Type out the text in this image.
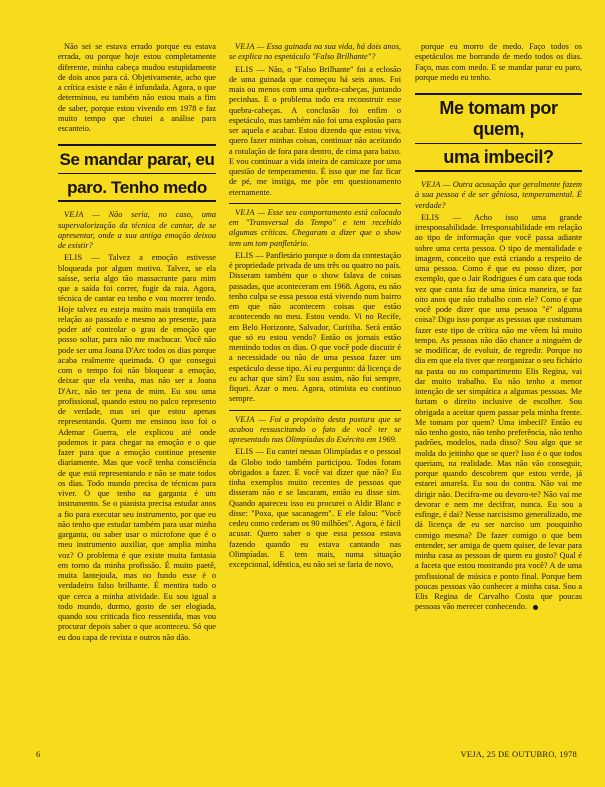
Não sei se estava errado porque eu estava errada, ou porque hoje estou completamente diferente, minha cabeça mudou estupidamente de dois anos para cá. Objetivamente, acho que a crítica existe e não é infundada. Agora, o que determinou, eu também não estou mais a fim de saber, porque estou vivendo em 1978 e faz muito tempo que chutei a análise para escanteio.

Se mandar parar, eu
paro. Tenho medo

VEJA — Não seria, no caso, uma supervalorização da técnica de cantar, de se apresentar, onde a sua antiga emoção deixou de existir?

ELIS — Talvez a emoção estivesse bloqueada por algum motivo. Talvez, se ela saísse, seria algo tão massacrante para mim que a saída foi correr, fugir da raia. Agora, técnica de cantar eu tenho e vou morrer tendo. Hoje talvez eu esteja muito mais tranqüila em relação ao passado e mesmo ao presente, para poder até controlar o grau de emoção que posso soltar, para não me machucar. Você não pode ser uma Joana D'Arc todos os dias porque acaba realmente queimada. O que consegui com o tempo foi não bloquear a emoção, deixar que ela venha, mas não ser a Joana D'Arc, não ter pena de mim. Eu sou uma profissional, quando estou no palco represento de verdade, mas sei que estou apenas representando. Quem me ensinou isso foi o Ademar Guerra, ele explicou até onde podemos ir para chegar na emoção e o que fazer para que a emoção continue presente diariamente. Mas que você tenha consciência de que está representando e não se mate todos os dias. Todo mundo precisa de técnicas para viver. O que tenho na garganta é um instrumento. Se o pianista precisa estudar anos a fio para executar seu instrumento, por que eu não tenho que estudar também para usar minha garganta, ou saber usar o microfone que é o meu instrumento auxiliar, que amplia minha voz? O problema é que existe muita fantasia em torno da minha profissão. É muito paetê, muita lantejoula, mas no fundo esse é o verdadeiro falso brilhante. É mentira tudo o que cerca a minha atividade. Eu sou igual a todo mundo, durmo, gosto de ser elogiada, quando sou criticada fico ressentida, mas vou procurar depois saber o que aconteceu. Só que eu dou capa de revista e outros não dão.

VEJA — Essa guinada na sua vida, há dois anos, se explica no espetáculo "Falso Brilhante"?

ELIS — Não, o "Falso Brilhante" foi a eclosão de uma guinada que começou há seis anos. Foi mais ou menos com uma quebra-cabeças, juntando pecinhas. E o problema todo era reconstruir esse quebra-cabeças. A conclusão foi enfim o espetáculo, mas também não foi uma explosão para ser aquela e acabar. Estou dizendo que estou viva, quero fazer minhas coisas, continuar não aceitando a rotulação de fora para dentro, de cima para baixo. E vou continuar a vida inteira de camicaze por uma questão de temperamento. É isso que me faz ficar de pé, me instiga, me põe em questionamento eternamente.

VEJA — Esse seu comportamento está colocado em "Transversal do Tempo" e tem recebido algumas críticas. Chegaram a dizer que o show tem um tom panfletário.

ELIS — Panfletário porque o dom da contestação é propriedade privada de uns três ou quatro no país. Disseram também que o show falava de coisas passadas, que aconteceram em 1968. Agora, eu não tenho culpa se essa pessoa está vivendo num bairro em que não acontecem coisas que estão acontecendo no meu. Estou vendo. Vi no Recife, em Belo Horizonte, Salvador, Curitiba. Será então que só eu estou vendo? Então os jornais estão mentindo todos os dias. O que você pode discutir é a necessidade ou não de uma pessoa fazer um espetáculo desse tipo. Aí eu pergunto: dá licença de eu achar que sim? Eu sou assim, não fui sempre, fiquei. Azar o meu. Agora, otimista eu continuo sempre.

VEJA — Foi a propósito desta postura que se acabou ressuscitando o fato de você ter se apresentado nas Olimpíadas do Exército em 1969.

ELIS — Eu cantei nessas Olimpíadas e o pessoal da Globo todo também participou. Todos foram obrigados a fazer. E você vai dizer que não? Eu tinha exemplos muito recentes de pessoas que disseram não e se lascaram, então eu disse sim. Quando apareceu isso eu procurei o Aldir Blanc e disse: "Poxa, que sacanagem". E ele falou: "Você cedeu como cederam os 90 milhões". Agora, é fácil acusar. Quero saber o que essa pessoa estava fazendo quando eu estava cantando nas Olimpíadas. E tem mais, numa situação excepcional, idêntica, eu não sei se faria de novo,

porque eu morro de medo. Faço todos os espetáculos me borrando de medo todos os dias. Faço, mas com medo. E se mandar parar eu paro, porque medo eu tenho.

Me tomam por quem,
uma imbecil?

VEJA — Outra acusação que geralmente fazem à sua pessoa é de ser gêniosa, temperamental. É verdade?

ELIS — Acho isso uma grande irresponsabilidade. Irresponsabilidade em relação ao tipo de informação que você passa adiante sobre uma certa pessoa. O tipo de mentalidade e imagem, conceito que está criando a respeito de uma pessoa. Como é que eu posso dizer, por exemplo, que o Jair Rodrigues é um cara que toda vez que canta faz de uma única maneira, se faz oito anos que não trabalho com ele? Como é que você pode dizer que uma pessoa "é" alguma coisa? Digo isso porque as pessoas que costumam fazer este tipo de crítica não me vêem há muito tempo. As pessoas não dão chance a ninguém de se modificar, de evoluir, de regredir. Porque no dia em que ela tiver que reorganizar o seu fichário na pasta ou no compartimento Elis Regina, vai dar muito trabalho. Eu não tenho a menor intenção de ser simpática a algumas pessoas. Me furtam o direito inclusive de escolher. Sou obrigada a aceitar quem passar pela minha frente. Me tomam por quem? Uma imbecil? Então eu não tenho gosto, não tenho preferência, não tenho padrões, modelos, nada disso? Sou algo que se molda do jeitinho que se quer? Isso é o que todos queriam, na realidade. Mas não vão conseguir, porque quando descobrem que estou verde, já estarei amarela. Eu sou do contra. Não vai me dirigir não. Decifra-me ou devoro-te? Não vai me devorar e nem me decifrar, nunca. Eu sou a esfinge, é dai? Nesse narcisismo generalizado, me dá licença de eu ser narciso um pouquinho comigo mesma? De fazer comigo o que bem entender, ser amiga de quem quiser, de levar para minha casa as pessoas de quem eu gosto? Qual é a faceta que estou mostrando pra você? A de uma profissional de música e ponto final. Porque bem poucas pessoas vão conhecer a minha casa. Sou a Elis Regina de Carvalho Costa que poucas pessoas vão merecer conhecendo.

6	VEJA, 25 DE OUTUBRO, 1978
